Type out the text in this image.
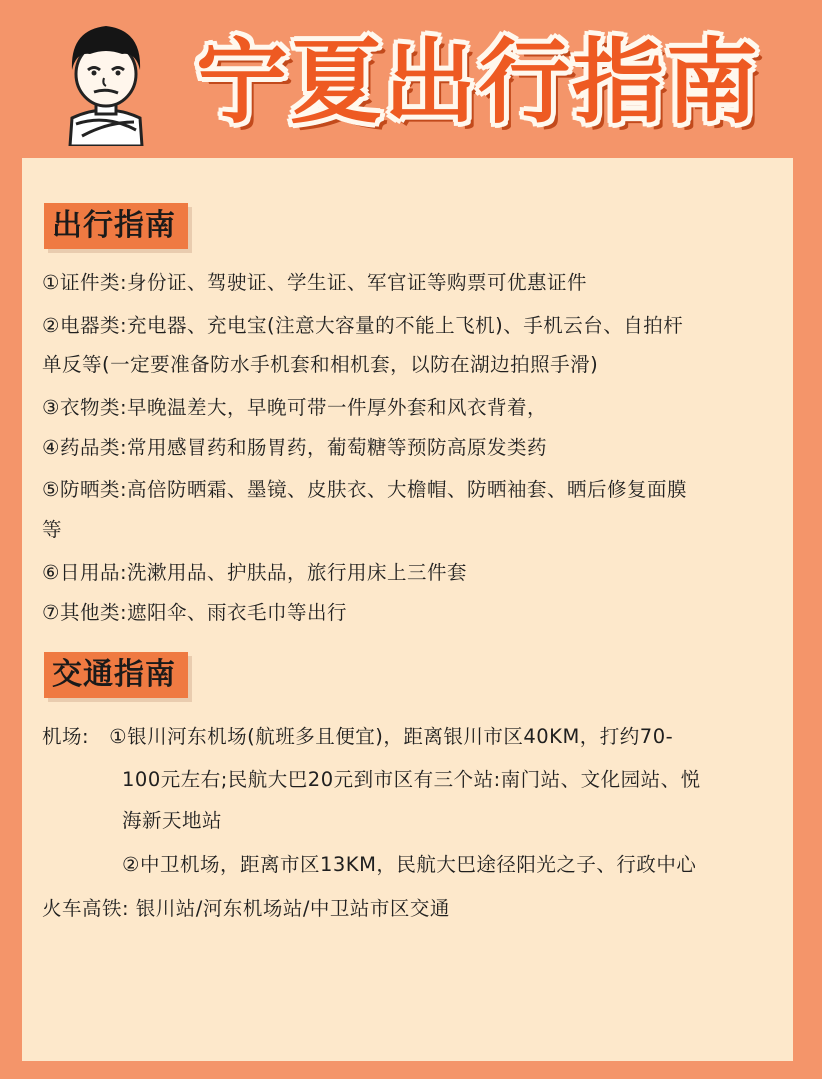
宁夏出行指南
出行指南
①证件类:身份证、驾驶证、学生证、军官证等购票可优惠证件
②电器类:充电器、充电宝(注意大容量的不能上飞机)、手机云台、自拍杆
单反等(一定要准备防水手机套和相机套，以防在湖边拍照手滑)
③衣物类:早晚温差大，早晚可带一件厚外套和风衣背着，
④药品类:常用感冒药和肠胃药，葡萄糖等预防高原发类药
⑤防晒类:高倍防晒霜、墨镜、皮肤衣、大檐帽、防晒袖套、晒后修复面膜
等
⑥日用品:洗漱用品、护肤品，旅行用床上三件套
⑦其他类:遮阳伞、雨衣毛巾等出行
交通指南
机场:   ①银川河东机场(航班多且便宜)，距离银川市区40KM，打约70-
100元左右;民航大巴20元到市区有三个站:南门站、文化园站、悦
海新天地站
②中卫机场，距离市区13KM，民航大巴途径阳光之子、行政中心
火车高铁: 银川站/河东机场站/中卫站市区交通
